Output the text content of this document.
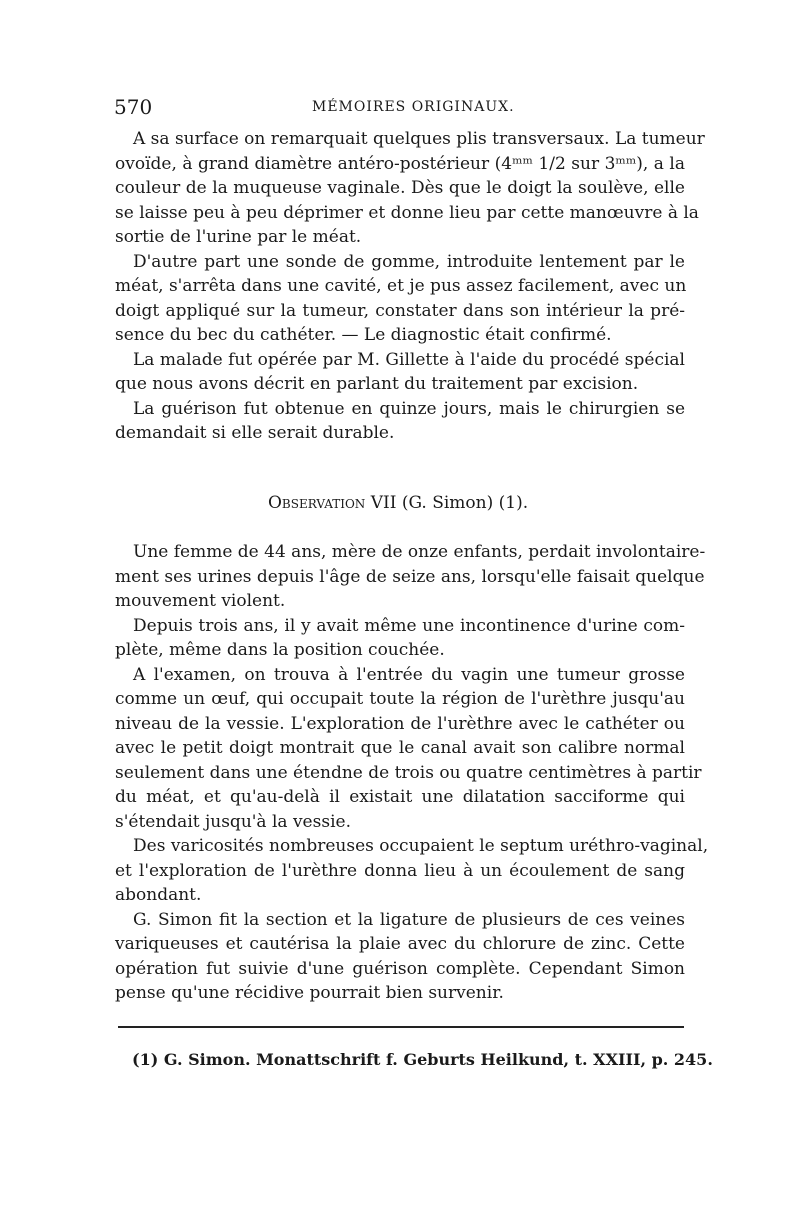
570	MÉMOIRES ORIGINAUX.

A sa surface on remarquait quelques plis transversaux. La tumeur

ovoïde, à grand diamètre antéro-postérieur (4ᵐᵐ 1/2 sur 3ᵐᵐ), a la

couleur de la muqueuse vaginale. Dès que le doigt la soulève, elle

se laisse peu à peu déprimer et donne lieu par cette manœuvre à la

sortie de l'urine par le méat.

D'autre part une sonde de gomme, introduite lentement par le

méat, s'arrêta dans une cavité, et je pus assez facilement, avec un

doigt appliqué sur la tumeur, constater dans son intérieur la pré-

sence du bec du cathéter. — Le diagnostic était confirmé.

La malade fut opérée par M. Gillette à l'aide du procédé spécial

que nous avons décrit en parlant du traitement par excision.

La guérison fut obtenue en quinze jours, mais le chirurgien se

demandait si elle serait durable.

Observation VII (G. Simon) (1).

Une femme de 44 ans, mère de onze enfants, perdait involontaire-

ment ses urines depuis l'âge de seize ans, lorsqu'elle faisait quelque

mouvement violent.

Depuis trois ans, il y avait même une incontinence d'urine com-

plète, même dans la position couchée.

A l'examen, on trouva à l'entrée du vagin une tumeur grosse

comme un œuf, qui occupait toute la région de l'urèthre jusqu'au

niveau de la vessie. L'exploration de l'urèthre avec le cathéter ou

avec le petit doigt montrait que le canal avait son calibre normal

seulement dans une étendne de trois ou quatre centimètres à partir

du méat, et qu'au-delà il existait une dilatation sacciforme qui

s'étendait jusqu'à la vessie.

Des varicosités nombreuses occupaient le septum uréthro-vaginal,

et l'exploration de l'urèthre donna lieu à un écoulement de sang

abondant.

G. Simon fit la section et la ligature de plusieurs de ces veines

variqueuses et cautérisa la plaie avec du chlorure de zinc. Cette

opération fut suivie d'une guérison complète. Cependant Simon

pense qu'une récidive pourrait bien survenir.

(1) G. Simon. Monattschrift f. Geburts Heilkund, t. XXIII, p. 245.
